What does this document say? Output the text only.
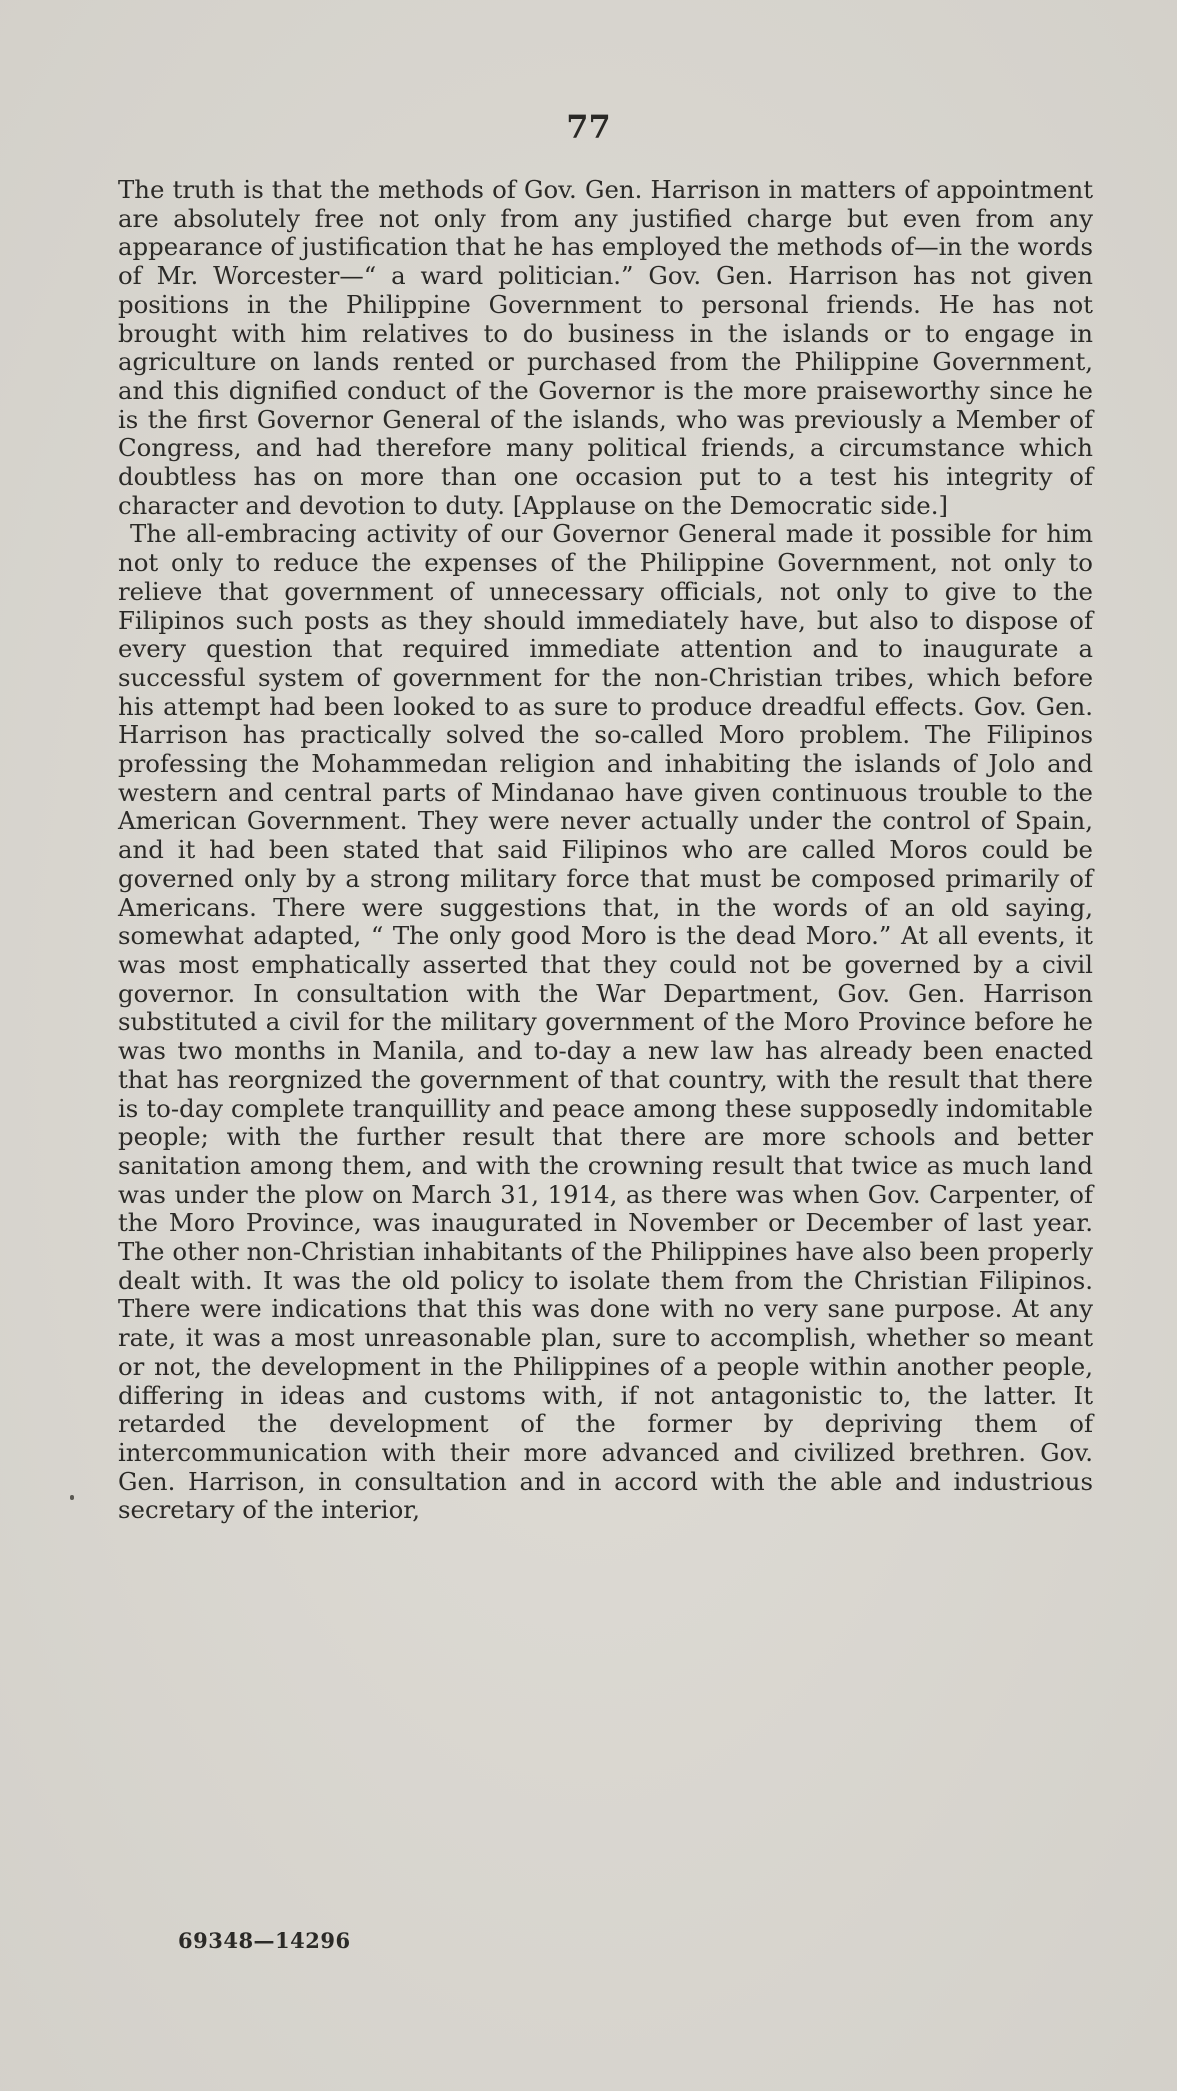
77

The truth is that the methods of Gov. Gen. Harrison in matters of appointment are absolutely free not only from any justified charge but even from any appearance of justification that he has employed the methods of—in the words of Mr. Worcester—“ a ward politician.” Gov. Gen. Harrison has not given positions in the Philippine Government to personal friends. He has not brought with him relatives to do business in the islands or to engage in agriculture on lands rented or purchased from the Philippine Government, and this dignified conduct of the Governor is the more praiseworthy since he is the first Governor General of the islands, who was previously a Member of Congress, and had therefore many political friends, a circumstance which doubtless has on more than one occasion put to a test his integrity of character and devotion to duty. [Applause on the Democratic side.]

The all-embracing activity of our Governor General made it possible for him not only to reduce the expenses of the Philippine Government, not only to relieve that government of unnecessary officials, not only to give to the Filipinos such posts as they should immediately have, but also to dispose of every question that required immediate attention and to inaugurate a successful system of government for the non-Christian tribes, which before his attempt had been looked to as sure to produce dreadful effects. Gov. Gen. Harrison has practically solved the so-called Moro problem. The Filipinos professing the Mohammedan religion and inhabiting the islands of Jolo and western and central parts of Mindanao have given continuous trouble to the American Government. They were never actually under the control of Spain, and it had been stated that said Filipinos who are called Moros could be governed only by a strong military force that must be composed primarily of Americans. There were suggestions that, in the words of an old saying, somewhat adapted, “ The only good Moro is the dead Moro.” At all events, it was most emphatically asserted that they could not be governed by a civil governor. In consultation with the War Department, Gov. Gen. Harrison substituted a civil for the military government of the Moro Province before he was two months in Manila, and to-day a new law has already been enacted that has reorgnized the government of that country, with the result that there is to-day complete tranquillity and peace among these supposedly indomitable people; with the further result that there are more schools and better sanitation among them, and with the crowning result that twice as much land was under the plow on March 31, 1914, as there was when Gov. Carpenter, of the Moro Province, was inaugurated in November or December of last year. The other non-Christian inhabitants of the Philippines have also been properly dealt with. It was the old policy to isolate them from the Christian Filipinos. There were indications that this was done with no very sane purpose. At any rate, it was a most unreasonable plan, sure to accomplish, whether so meant or not, the development in the Philippines of a people within another people, differing in ideas and customs with, if not antagonistic to, the latter. It retarded the development of the former by depriving them of intercommunication with their more advanced and civilized brethren. Gov. Gen. Harrison, in consultation and in accord with the able and industrious secretary of the interior,

69348—14296
